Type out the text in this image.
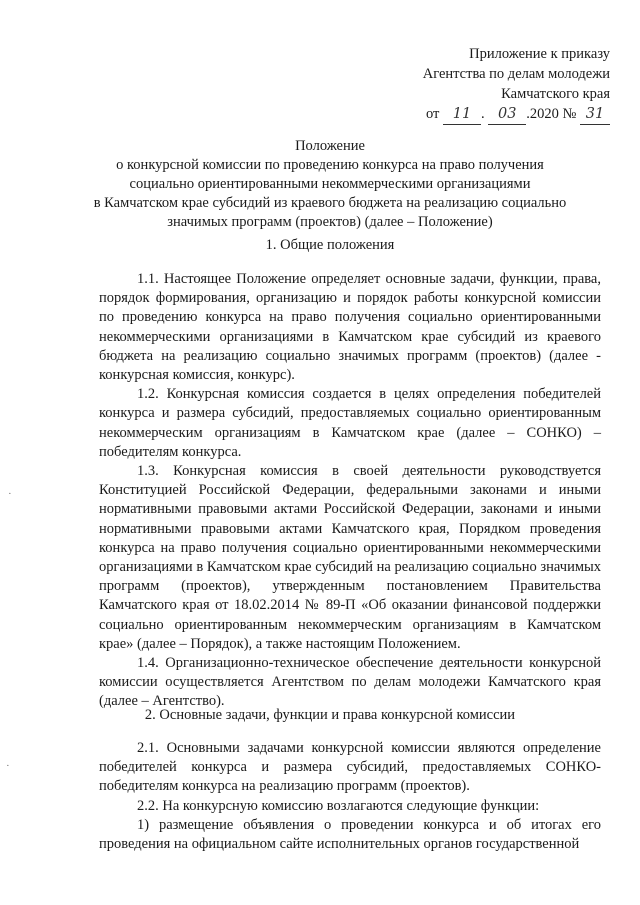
Приложение к приказу
Агентства по делам молодежи
Камчатского края
от 11 . 03 .2020 № 31
Положение
о конкурсной комиссии по проведению конкурса на право получения
социально ориентированными некоммерческими организациями
в Камчатском крае субсидий из краевого бюджета на реализацию социально
значимых программ (проектов) (далее – Положение)
1. Общие положения

1.1. Настоящее Положение определяет основные задачи, функции, права, порядок формирования, организацию и порядок работы конкурсной комиссии по проведению конкурса на право получения социально ориентированными некоммерческими организациями в Камчатском крае субсидий из краевого бюджета на реализацию социально значимых программ (проектов) (далее - конкурсная комиссия, конкурс).

1.2. Конкурсная комиссия создается в целях определения победителей конкурса и размера субсидий, предоставляемых социально ориентированным некоммерческим организациям в Камчатском крае (далее – СОНКО) – победителям конкурса.

1.3. Конкурсная комиссия в своей деятельности руководствуется Конституцией Российской Федерации, федеральными законами и иными нормативными правовыми актами Российской Федерации, законами и иными нормативными правовыми актами Камчатского края, Порядком проведения конкурса на право получения социально ориентированными некоммерческими организациями в Камчатском крае субсидий на реализацию социально значимых программ (проектов), утвержденным постановлением Правительства Камчатского края от 18.02.2014 № 89-П «Об оказании финансовой поддержки социально ориентированным некоммерческим организациям в Камчатском крае» (далее – Порядок), а также настоящим Положением.

1.4. Организационно-техническое обеспечение деятельности конкурсной комиссии осуществляется Агентством по делам молодежи Камчатского края (далее – Агентство).

2. Основные задачи, функции и права конкурсной комиссии

2.1. Основными задачами конкурсной комиссии являются определение победителей конкурса и размера субсидий, предоставляемых СОНКО-победителям конкурса на реализацию программ (проектов).

2.2. На конкурсную комиссию возлагаются следующие функции:

1) размещение объявления о проведении конкурса и об итогах его проведения на официальном сайте исполнительных органов государственной

·
·
